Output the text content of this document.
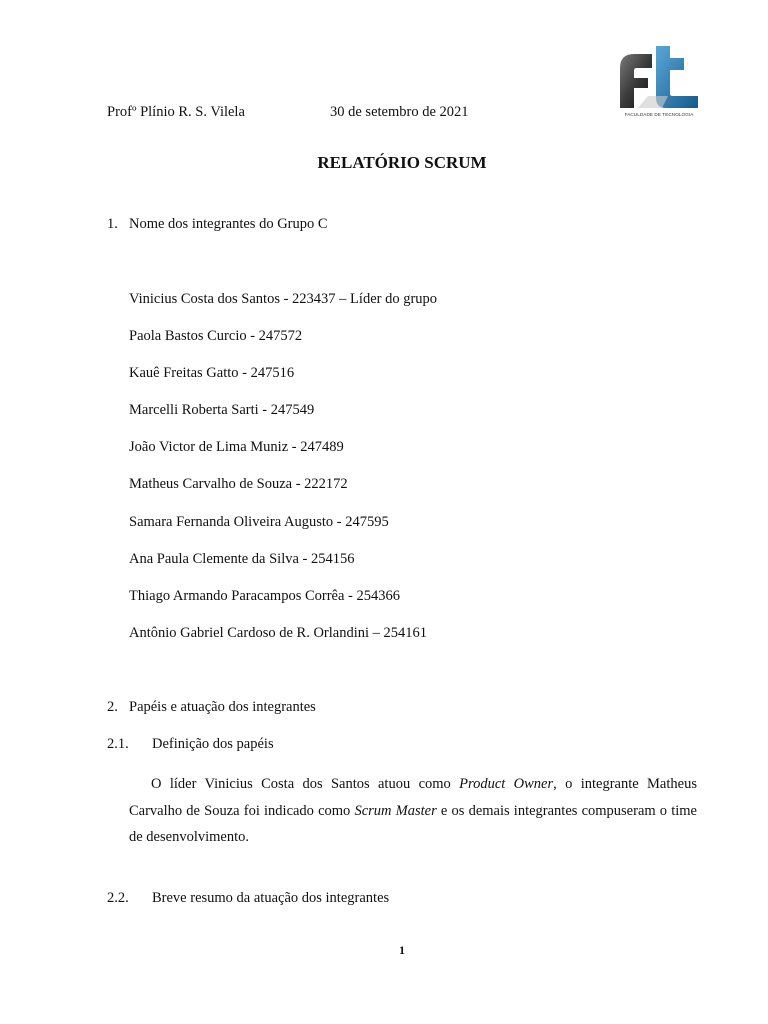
Profº Plínio R. S. Vilela	30 de setembro de 2021	FACULDADE DE TECNOLOGIA
RELATÓRIO SCRUM
1. Nome dos integrantes do Grupo C
Vinicius Costa dos Santos - 223437 – Líder do grupo
Paola Bastos Curcio - 247572
Kauê Freitas Gatto - 247516
Marcelli Roberta Sarti - 247549
João Victor de Lima Muniz - 247489
Matheus Carvalho de Souza - 222172
Samara Fernanda Oliveira Augusto - 247595
Ana Paula Clemente da Silva - 254156
Thiago Armando Paracampos Corrêa - 254366
Antônio Gabriel Cardoso de R. Orlandini – 254161
2. Papéis e atuação dos integrantes
2.1. Definição dos papéis
O líder Vinicius Costa dos Santos atuou como Product Owner, o integrante Matheus Carvalho de Souza foi indicado como Scrum Master e os demais integrantes compuseram o time de desenvolvimento.
2.2. Breve resumo da atuação dos integrantes
1
